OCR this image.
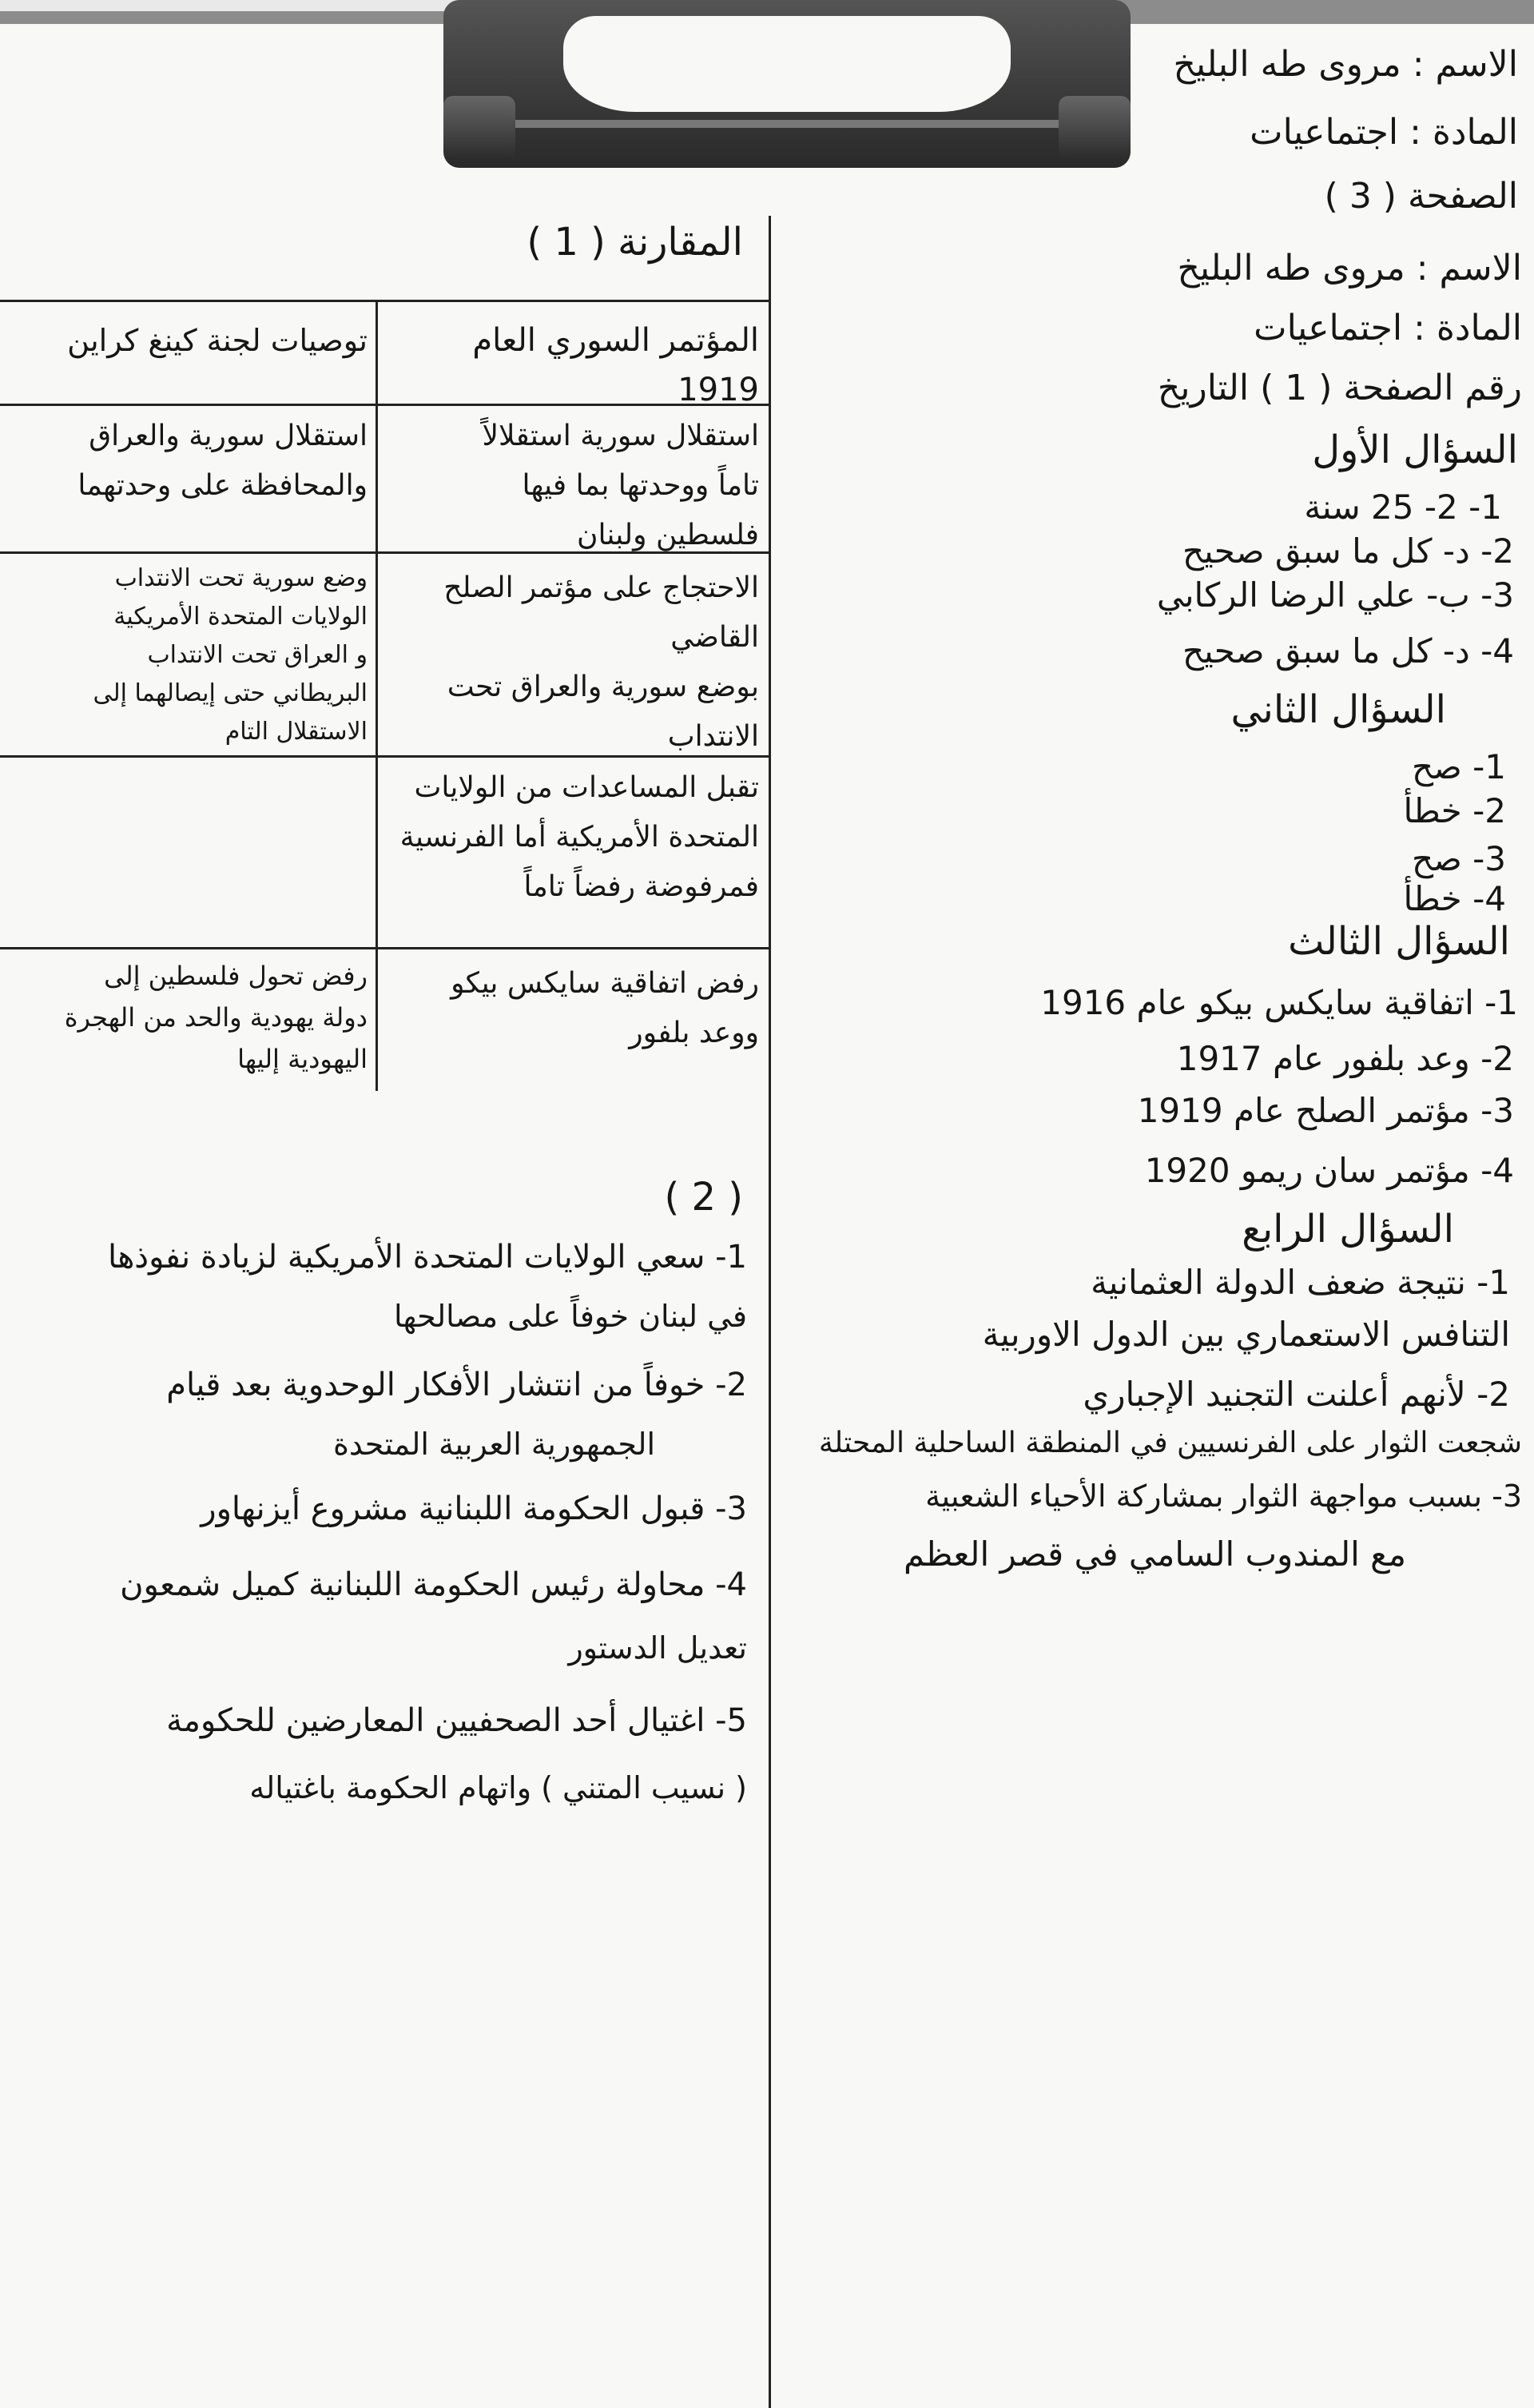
الاسم : مروى طه البليخ
المادة : اجتماعيات
الصفحة ( 3 )
الاسم : مروى طه البليخ
المادة : اجتماعيات
رقم الصفحة ( 1 ) التاريخ
السؤال الأول
1- 2- 25 سنة
2- د- كل ما سبق صحيح
3- ب- علي الرضا الركابي
4- د- كل ما سبق صحيح
السؤال الثاني
1- صح
2- خطأ
3- صح
4- خطأ
السؤال الثالث
1- اتفاقية سايكس بيكو عام 1916
2- وعد بلفور عام 1917
3- مؤتمر الصلح عام 1919
4- مؤتمر سان ريمو 1920
السؤال الرابع
1- نتيجة ضعف الدولة العثمانية
التنافس الاستعماري بين الدول الاوربية
2- لأنهم أعلنت التجنيد الإجباري
شجعت الثوار على الفرنسيين في المنطقة الساحلية المحتلة
3- بسبب مواجهة الثوار بمشاركة الأحياء الشعبية
مع المندوب السامي في قصر العظم
المقارنة ( 1 )
المؤتمر السوري العام 1919
توصيات لجنة كينغ كراين

استقلال سورية استقلالاً

تاماً ووحدتها بما فيها

فلسطين ولبنان

استقلال سورية والعراق

والمحافظة على وحدتهما

الاحتجاج على مؤتمر الصلح القاضي

بوضع سورية والعراق تحت

الانتداب

وضع سورية تحت الانتداب

الولايات المتحدة الأمريكية

و العراق تحت الانتداب

البريطاني حتى إيصالهما إلى

الاستقلال التام

تقبل المساعدات من الولايات

المتحدة الأمريكية أما الفرنسية

فمرفوضة رفضاً تاماً

رفض اتفاقية سايكس بيكو

ووعد بلفور

رفض تحول فلسطين إلى

دولة يهودية والحد من الهجرة

اليهودية إليها

( 2 )
1- سعي الولايات المتحدة الأمريكية لزيادة نفوذها
في لبنان خوفاً على مصالحها
2- خوفاً من انتشار الأفكار الوحدوية بعد قيام
الجمهورية العربية المتحدة
3- قبول الحكومة اللبنانية مشروع أيزنهاور
4- محاولة رئيس الحكومة اللبنانية كميل شمعون
تعديل الدستور
5- اغتيال أحد الصحفيين المعارضين للحكومة
( نسيب المتني ) واتهام الحكومة باغتياله
